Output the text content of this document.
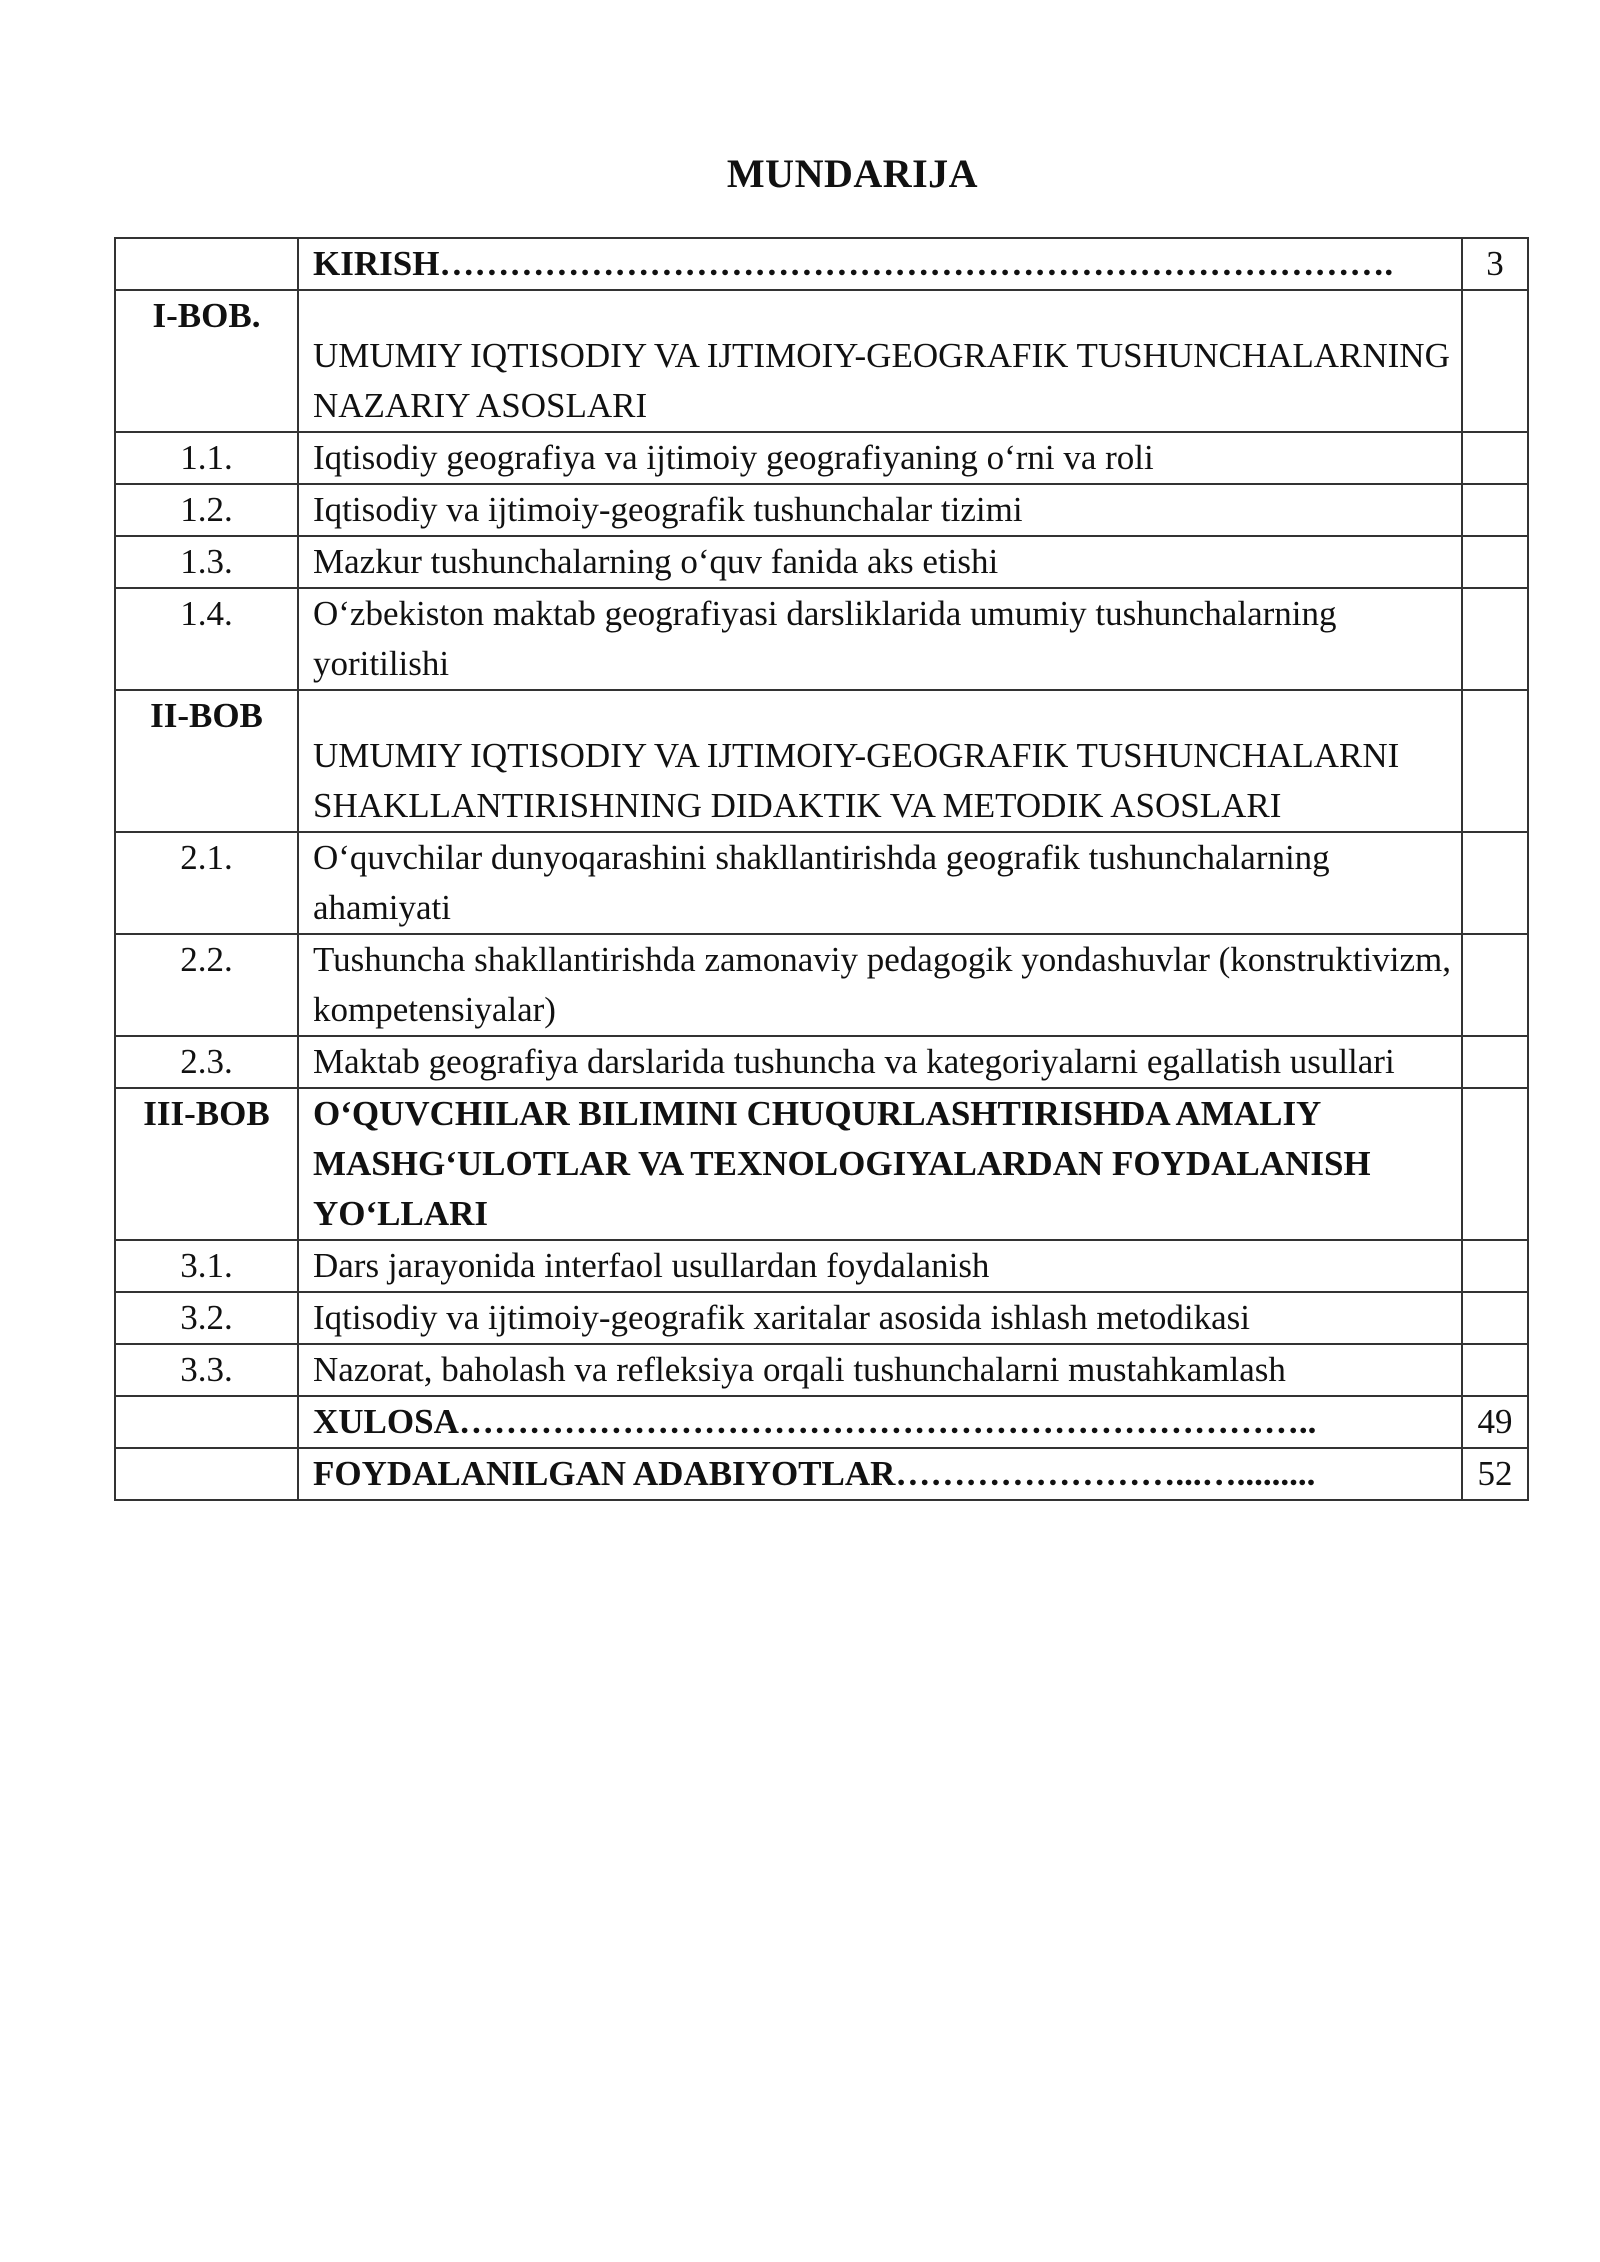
MUNDARIJA

	KIRISH……………………………………………………………………….	3
I-BOB.	UMUMIY IQTISODIY VA IJTIMOIY-GEOGRAFIK TUSHUNCHALARNING NAZARIY ASOSLARI	
1.1.	Iqtisodiy geografiya va ijtimoiy geografiyaning o‘rni va roli	
1.2.	Iqtisodiy va ijtimoiy-geografik tushunchalar tizimi	
1.3.	Mazkur tushunchalarning o‘quv fanida aks etishi	
1.4.	O‘zbekiston maktab geografiyasi darsliklarida umumiy tushunchalarning yoritilishi	
II-BOB	UMUMIY IQTISODIY VA IJTIMOIY-GEOGRAFIK TUSHUNCHALARNI SHAKLLANTIRISHNING DIDAKTIK VA METODIK ASOSLARI	
2.1.	O‘quvchilar dunyoqarashini shakllantirishda geografik tushunchalarning ahamiyati	
2.2.	Tushuncha shakllantirishda zamonaviy pedagogik yondashuvlar (konstruktivizm, kompetensiyalar)	
2.3.	Maktab geografiya darslarida tushuncha va kategoriyalarni egallatish usullari	
III-BOB	O‘QUVCHILAR BILIMINI CHUQURLASHTIRISHDA AMALIY MASHG‘ULOTLAR VA TEXNOLOGIYALARDAN FOYDALANISH YO‘LLARI	
3.1.	Dars jarayonida interfaol usullardan foydalanish	
3.2.	Iqtisodiy va ijtimoiy-geografik xaritalar asosida ishlash metodikasi	
3.3.	Nazorat, baholash va refleksiya orqali tushunchalarni mustahkamlash	

	XULOSA………………………………………………………………..	49

	FOYDALANILGAN ADABIYOTLAR……………………...….........	52
